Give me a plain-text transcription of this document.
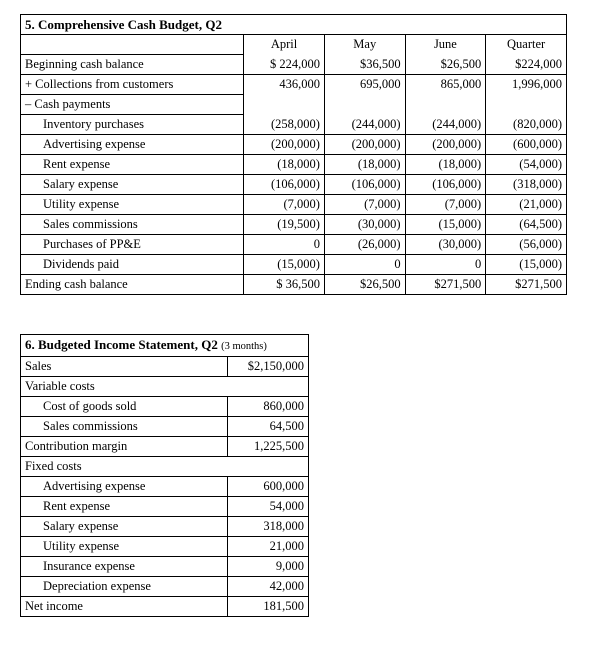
5. Comprehensive Cash Budget, Q2				
	April	May	June	Quarter
Beginning cash balance	$ 224,000	$36,500	$26,500	$224,000
+ Collections from customers	436,000	695,000	865,000	1,996,000
– Cash payments				
Inventory purchases	(258,000)	(244,000)	(244,000)	(820,000)
Advertising expense	(200,000)	(200,000)	(200,000)	(600,000)
Rent expense	(18,000)	(18,000)	(18,000)	(54,000)
Salary expense	(106,000)	(106,000)	(106,000)	(318,000)
Utility expense	(7,000)	(7,000)	(7,000)	(21,000)
Sales commissions	(19,500)	(30,000)	(15,000)	(64,500)
Purchases of PP&E	0	(26,000)	(30,000)	(56,000)
Dividends paid	(15,000)	0	0	(15,000)
Ending cash balance	$ 36,500	$26,500	$271,500	$271,500
6. Budgeted Income Statement, Q2 (3 months)	
Sales	$2,150,000
Variable costs	
Cost of goods sold	860,000
Sales commissions	64,500
Contribution margin	1,225,500
Fixed costs	
Advertising expense	600,000
Rent expense	54,000
Salary expense	318,000
Utility expense	21,000
Insurance expense	9,000
Depreciation expense	42,000
Net income	181,500
